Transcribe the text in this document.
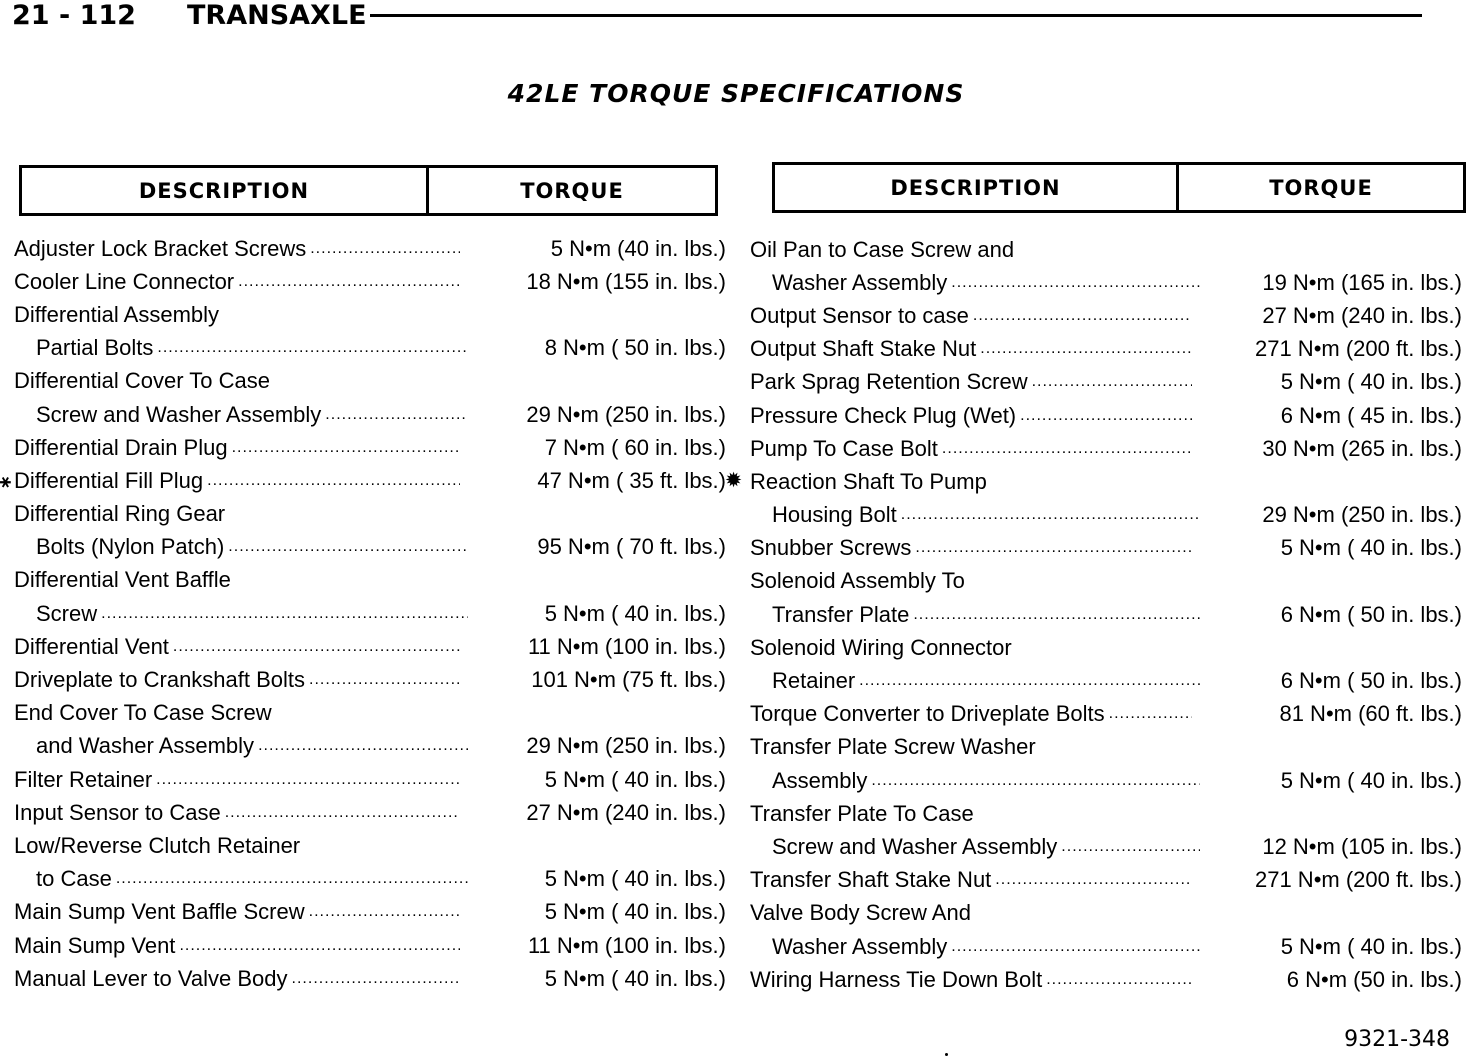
21 - 112 TRANSAXLE
42LE TORQUE SPECIFICATIONS
DESCRIPTION	TORQUE	DESCRIPTION	TORQUE
Adjuster Lock Bracket Screws .....	5 N•m (40 in. lbs.)
Cooler Line Connector .....	18 N•m (155 in. lbs.)
Differential Assembly
Partial Bolts .....	8 N•m ( 50 in. lbs.)
Differential Cover To Case
Screw and Washer Assembly .....	29 N•m (250 in. lbs.)
Differential Drain Plug .....	7 N•m ( 60 in. lbs.)
Differential Fill Plug .....	47 N•m ( 35 ft. lbs.) ✹
Differential Ring Gear
Bolts (Nylon Patch) .....	95 N•m ( 70 ft. lbs.)
Differential Vent Baffle
Screw .....	5 N•m ( 40 in. lbs.)
Differential Vent .....	11 N•m (100 in. lbs.)
Driveplate to Crankshaft Bolts .....	101 N•m (75 ft. lbs.)
End Cover To Case Screw
and Washer Assembly .....	29 N•m (250 in. lbs.)
Filter Retainer .....	5 N•m ( 40 in. lbs.)
Input Sensor to Case .....	27 N•m (240 in. lbs.)
Low/Reverse Clutch Retainer
to Case .....	5 N•m ( 40 in. lbs.)
Main Sump Vent Baffle Screw .....	5 N•m ( 40 in. lbs.)
Main Sump Vent .....	11 N•m (100 in. lbs.)
Manual Lever to Valve Body .....	5 N•m ( 40 in. lbs.)
Oil Pan to Case Screw and
Washer Assembly .....	19 N•m (165 in. lbs.)
Output Sensor to case .....	27 N•m (240 in. lbs.)
Output Shaft Stake Nut .....	271 N•m (200 ft. lbs.)
Park Sprag Retention Screw .....	5 N•m ( 40 in. lbs.)
Pressure Check Plug (Wet) .....	6 N•m ( 45 in. lbs.)
Pump To Case Bolt .....	30 N•m (265 in. lbs.)
Reaction Shaft To Pump
Housing Bolt .....	29 N•m (250 in. lbs.)
Snubber Screws .....	5 N•m ( 40 in. lbs.)
Solenoid Assembly To
Transfer Plate .....	6 N•m ( 50 in. lbs.)
Solenoid Wiring Connector
Retainer .....	6 N•m ( 50 in. lbs.)
Torque Converter to Driveplate Bolts .....	81 N•m (60 ft. lbs.)
Transfer Plate Screw Washer
Assembly .....	5 N•m ( 40 in. lbs.)
Transfer Plate To Case
Screw and Washer Assembly .....	12 N•m (105 in. lbs.)
Transfer Shaft Stake Nut .....	271 N•m (200 ft. lbs.)
Valve Body Screw And
Washer Assembly .....	5 N•m ( 40 in. lbs.)
Wiring Harness Tie Down Bolt .....	6 N•m (50 in. lbs.)
⚹
9321-348
